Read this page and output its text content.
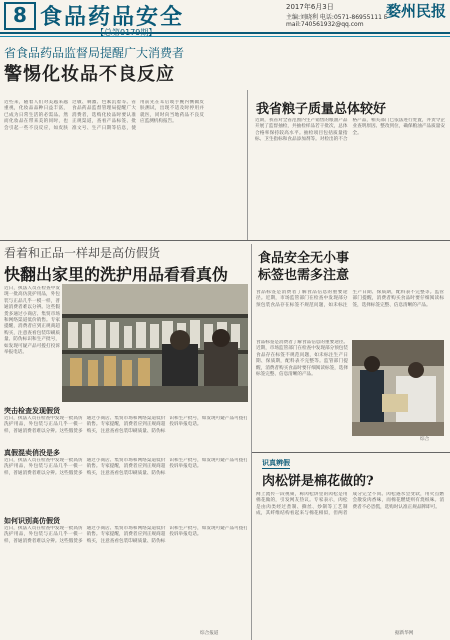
8 食品药品安全	2017年6月3日
主编:刘晓利 电话:0571-86955111 E-mail:740561932@qq.com
婺州民报
省食品药品监督局提醒广大消费者
警惕化妆品不良反应
近些来，随着人们对美越来越重视，化妆品品种日益丰富，已成为日常生活的必需品。然而化妆品在带来美的同时，也会引起一些不良反应，如皮肤过敏、刺激、色素沉着等。省食品药品监督管理局提醒广大消费者，选购化妆品时要认准正规渠道，查看产品标签、批准文号、生产日期等信息，使用前先在耳后或手腕内侧做皮肤测试，出现不适及时停用并就医，同时向当地药品不良反应监测机构报告。
我省粮子质量总体较好
近期，我省对全省范围内生产销售的粮油产品开展了监督抽检，共抽检样品若干批次，总体合格率保持较高水平。抽检项目包括质量指标、卫生指标和食品添加剂等。对检出的不合格产品，相关部门已依法进行处置，并责令企业查明原因、整改到位，确保粮油产品质量安全。
看着和正品一样却是高仿假货
快翻出家里的洗护用品看看真伪
近日，执法人员在检查中发现一批高仿洗护用品，外包装与正品几乎一模一样，普通消费者难以分辨。这些假货多通过小商店、集贸市场和网络渠道低价销售。专家提醒，消费者应到正规商超购买，注意查看包装印刷质量、防伪标识和生产批号，如发现可疑产品可拨打投诉举报电话。
突击检查发现假货
近日，执法人员在检查中发现一批高仿洗护用品，外包装与正品几乎一模一样，普通消费者难以分辨。这些假货多通过小商店、集贸市场和网络渠道低价销售。专家提醒，消费者应到正规商超购买，注意查看包装印刷质量、防伪标识和生产批号，如发现可疑产品可拨打投诉举报电话。
真假混卖俏没是多
近日，执法人员在检查中发现一批高仿洗护用品，外包装与正品几乎一模一样，普通消费者难以分辨。这些假货多通过小商店、集贸市场和网络渠道低价销售。专家提醒，消费者应到正规商超购买，注意查看包装印刷质量、防伪标识和生产批号，如发现可疑产品可拨打投诉举报电话。
如何识别高仿假货
近日，执法人员在检查中发现一批高仿洗护用品，外包装与正品几乎一模一样，普通消费者难以分辨。这些假货多通过小商店、集贸市场和网络渠道低价销售。专家提醒，消费者应到正规商超购买，注意查看包装印刷质量、防伪标识和生产批号，如发现可疑产品可拨打投诉举报电话。
综合报道
食品安全无小事
标签也需多注意
食品标签是消费者了解食品信息的重要途径。近期，市场监管部门在检查中发现部分预包装食品存在标签不规范问题，如未标注生产日期、保质期，配料表不完整等。监管部门提醒，消费者购买食品时要仔细阅读标签，选择标签完整、信息清晰的产品。
食品标签是消费者了解食品信息的重要途径。近期，市场监管部门在检查中发现部分预包装食品存在标签不规范问题，如未标注生产日期、保质期，配料表不完整等。监管部门提醒，消费者购买食品时要仔细阅读标签，选择标签完整、信息清晰的产品。
综合
识真辨假
肉松饼是棉花做的?
网上流传一段视频，称肉松饼里的肉松是用棉花做的，引发网友热议。专家表示，肉松是由肉类经过煮制、撕丝、炒制等工艺制成，其纤维结构看起来与棉花相似，但两者成分完全不同。肉松遇水会变软，用火点燃会散发肉香味，而棉花燃烧则有烧纸味。消费者不必恐慌，选购时认准正规品牌即可。
据新华网
